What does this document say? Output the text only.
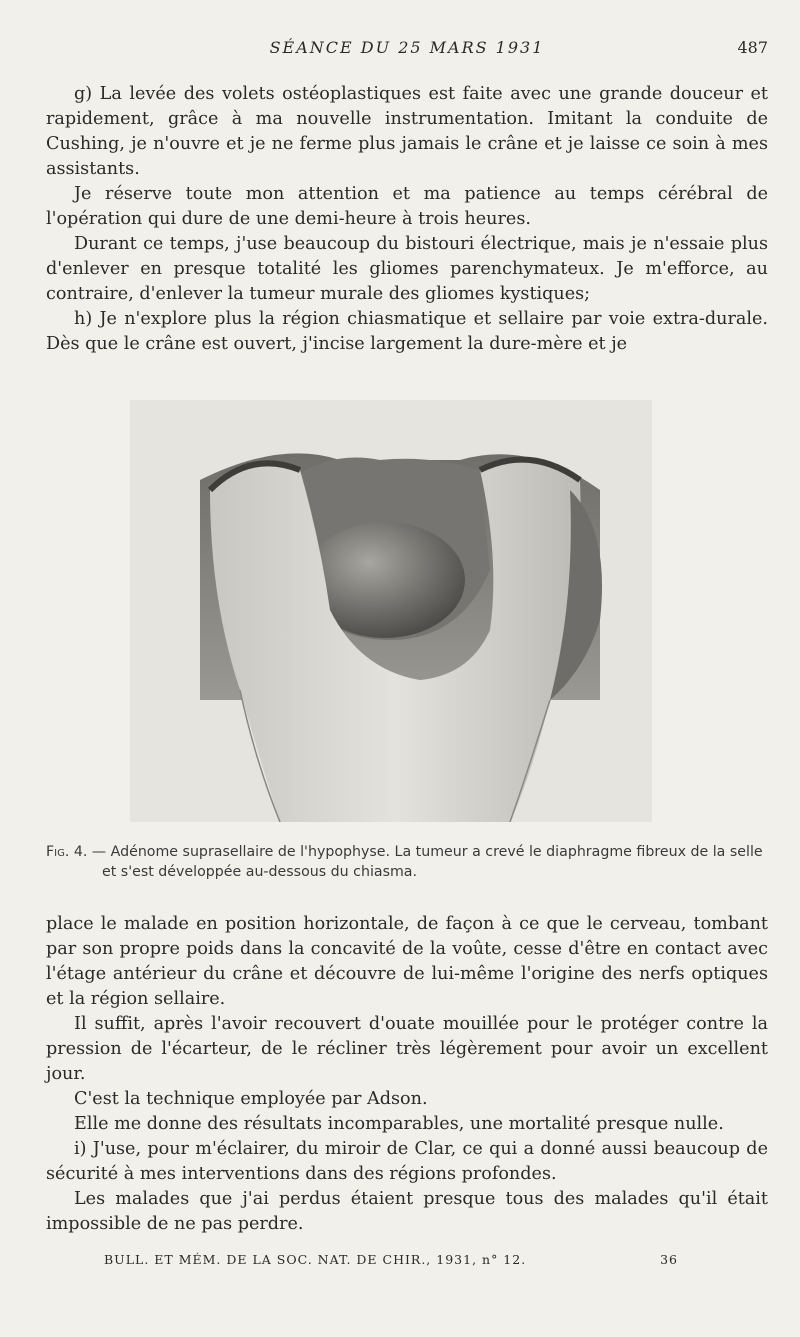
SÉANCE DU 25 MARS 1931	487

g) La levée des volets ostéoplastiques est faite avec une grande douceur et rapidement, grâce à ma nouvelle instrumentation. Imitant la conduite de Cushing, je n'ouvre et je ne ferme plus jamais le crâne et je laisse ce soin à mes assistants.

Je réserve toute mon attention et ma patience au temps cérébral de l'opération qui dure de une demi-heure à trois heures.

Durant ce temps, j'use beaucoup du bistouri électrique, mais je n'essaie plus d'enlever en presque totalité les gliomes parenchymateux. Je m'efforce, au contraire, d'enlever la tumeur murale des gliomes kystiques;

h) Je n'explore plus la région chiasmatique et sellaire par voie extra-durale. Dès que le crâne est ouvert, j'incise largement la dure-mère et je

Fig. 4. — Adénome suprasellaire de l'hypophyse. La tumeur a crevé le diaphragme fibreux de la selle et s'est développée au-dessous du chiasma.

place le malade en position horizontale, de façon à ce que le cerveau, tombant par son propre poids dans la concavité de la voûte, cesse d'être en contact avec l'étage antérieur du crâne et découvre de lui-même l'origine des nerfs optiques et la région sellaire.

Il suffit, après l'avoir recouvert d'ouate mouillée pour le protéger contre la pression de l'écarteur, de le récliner très légèrement pour avoir un excellent jour.

C'est la technique employée par Adson.

Elle me donne des résultats incomparables, une mortalité presque nulle.

i) J'use, pour m'éclairer, du miroir de Clar, ce qui a donné aussi beaucoup de sécurité à mes interventions dans des régions profondes.

Les malades que j'ai perdus étaient presque tous des malades qu'il était impossible de ne pas perdre.

BULL. ET MÉM. DE LA SOC. NAT. DE CHIR., 1931, n° 12.	36
